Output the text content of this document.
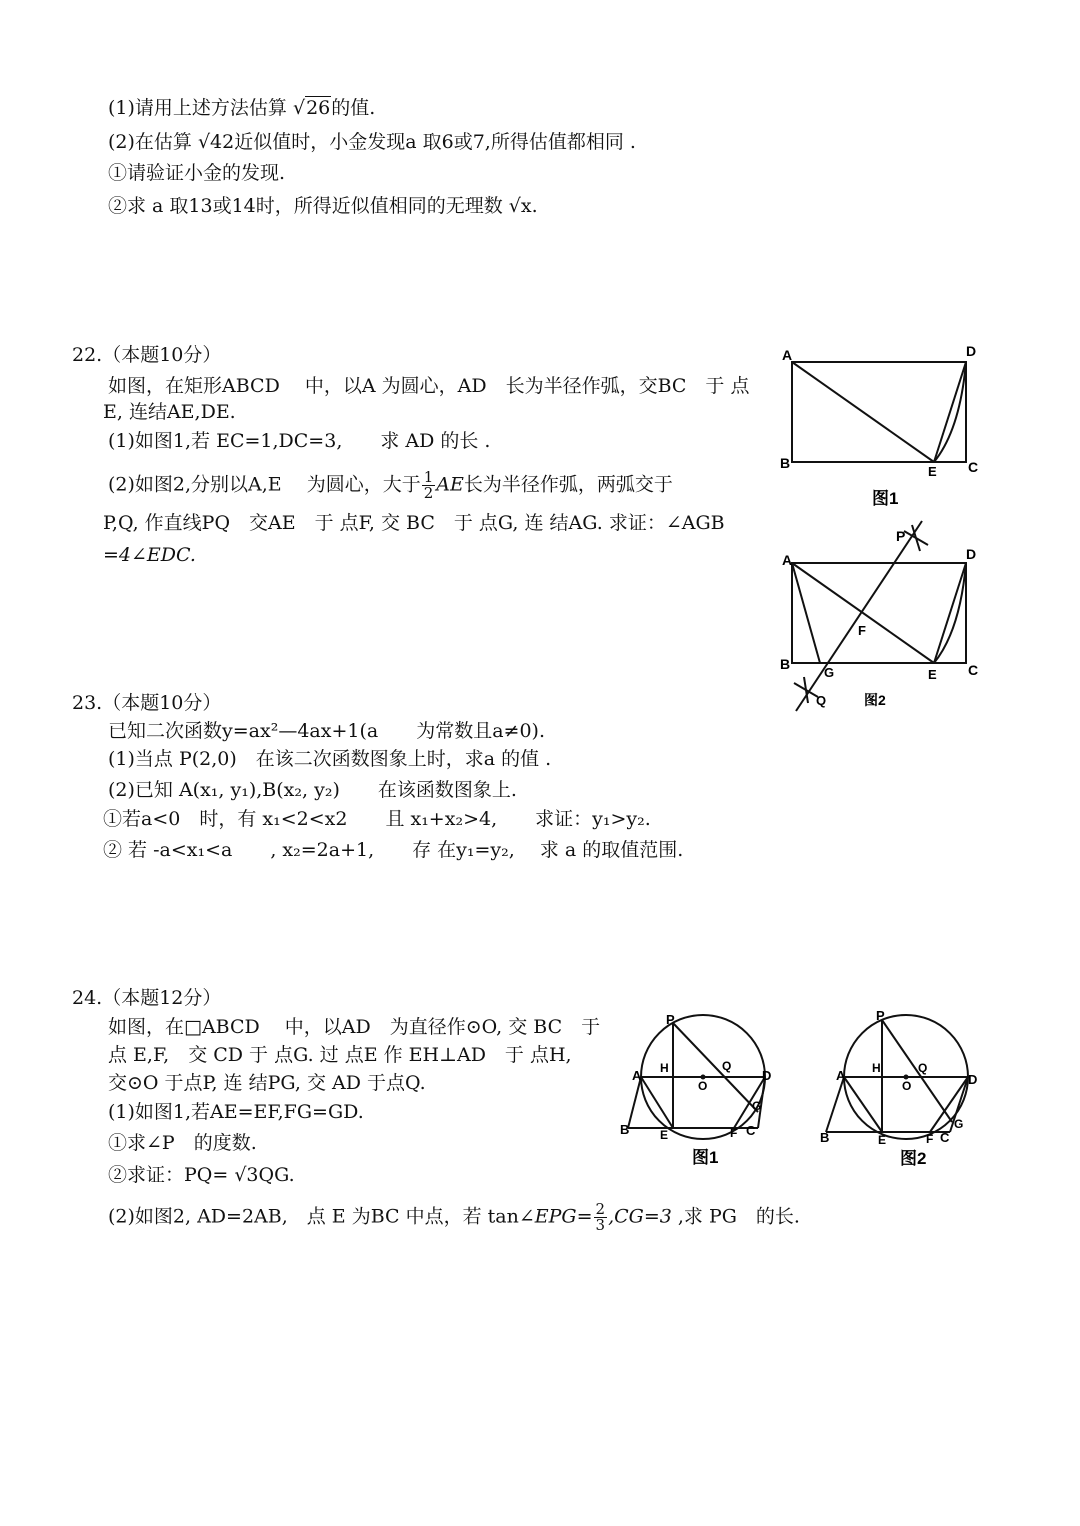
(1)请用上述方法估算 √26的值.
(2)在估算 √42近似值时，小金发现a 取6或7,所得估值都相同 .
①请验证小金的发现.
②求 a 取13或14时，所得近似值相同的无理数 √x.
22.（本题10分）
如图，在矩形ABCD　 中，以A 为圆心，AD　长为半径作弧，交BC　于 点
E, 连结AE,DE.
(1)如图1,若 EC=1,DC=3,　　求 AD 的长 .
(2)如图2,分别以A,E　 为圆心，大于 $\frac{1}{2}$ AE长为半径作弧，两弧交于
P,Q, 作直线PQ　交AE　于 点F, 交 BC　于 点G, 连 结AG. 求证：∠AGB
=4∠EDC.
A	D
B
E C
图1
P
A	D
F
B
G	E C
Q	图2
23.（本题10分）
已知二次函数y=ax²—4ax+1(a　　为常数且a≠0).
(1)当点 P(2,0)　在该二次函数图象上时，求a 的值 .
(2)已知 A(x₁, y₁),B(x₂, y₂)　　在该函数图象上.
①若a<0　时，有 x₁<2<x2　　且 x₁+x₂>4,　　求证：y₁>y₂.
② 若 -a<x₁<a　　, x₂=2a+1,　　存 在y₁=y₂,　 求 a 的取值范围.
24.（本题12分）
如图，在□ABCD　 中，以AD　为直径作⊙O, 交 BC　于
点 E,F,　交 CD 于 点G. 过 点E 作 EH⊥AD　于 点H,
交⊙O 于点P, 连 结PG, 交 AD 于点Q.
(1)如图1,若AE=EF,FG=GD.
①求∠P　的度数.
②求证：PQ= √3QG.
(2)如图2, AD=2AB,　点 E 为BC 中点，若 tan∠EPG= $\frac{2}{3} ,CG=3$ ,求 PG　的长.
P
H
A
O
Q
D
G
B	E	F C
图1
P
H
A
O
Q
D
G
B	E	F C
图2
